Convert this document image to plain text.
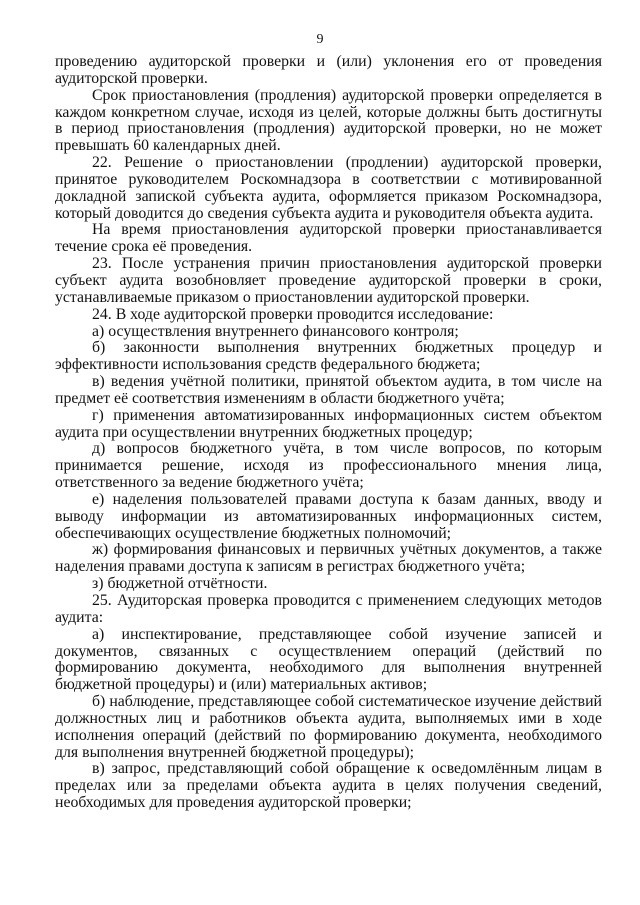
9

проведению аудиторской проверки и (или) уклонения его от проведения аудиторской проверки.

Срок приостановления (продления) аудиторской проверки определяется в каждом конкретном случае, исходя из целей, которые должны быть достигнуты в период приостановления (продления) аудиторской проверки, но не может превышать 60 календарных дней.

22. Решение о приостановлении (продлении) аудиторской проверки, принятое руководителем Роскомнадзора в соответствии с мотивированной докладной запиской субъекта аудита, оформляется приказом Роскомнадзора, который доводится до сведения субъекта аудита и руководителя объекта аудита.

На время приостановления аудиторской проверки приостанавливается течение срока её проведения.

23. После устранения причин приостановления аудиторской проверки субъект аудита возобновляет проведение аудиторской проверки в сроки, устанавливаемые приказом о приостановлении аудиторской проверки.

24. В ходе аудиторской проверки проводится исследование:

а) осуществления внутреннего финансового контроля;

б) законности выполнения внутренних бюджетных процедур и эффективности использования средств федерального бюджета;

в) ведения учётной политики, принятой объектом аудита, в том числе на предмет её соответствия изменениям в области бюджетного учёта;

г) применения автоматизированных информационных систем объектом аудита при осуществлении внутренних бюджетных процедур;

д) вопросов бюджетного учёта, в том числе вопросов, по которым принимается решение, исходя из профессионального мнения лица, ответственного за ведение бюджетного учёта;

е) наделения пользователей правами доступа к базам данных, вводу и выводу информации из автоматизированных информационных систем, обеспечивающих осуществление бюджетных полномочий;

ж) формирования финансовых и первичных учётных документов, а также наделения правами доступа к записям в регистрах бюджетного учёта;

з) бюджетной отчётности.

25. Аудиторская проверка проводится с применением следующих методов аудита:

а) инспектирование, представляющее собой изучение записей и документов, связанных с осуществлением операций (действий по формированию документа, необходимого для выполнения внутренней бюджетной процедуры) и (или) материальных активов;

б) наблюдение, представляющее собой систематическое изучение действий должностных лиц и работников объекта аудита, выполняемых ими в ходе исполнения операций (действий по формированию документа, необходимого для выполнения внутренней бюджетной процедуры);

в) запрос, представляющий собой обращение к осведомлённым лицам в пределах или за пределами объекта аудита в целях получения сведений, необходимых для проведения аудиторской проверки;
